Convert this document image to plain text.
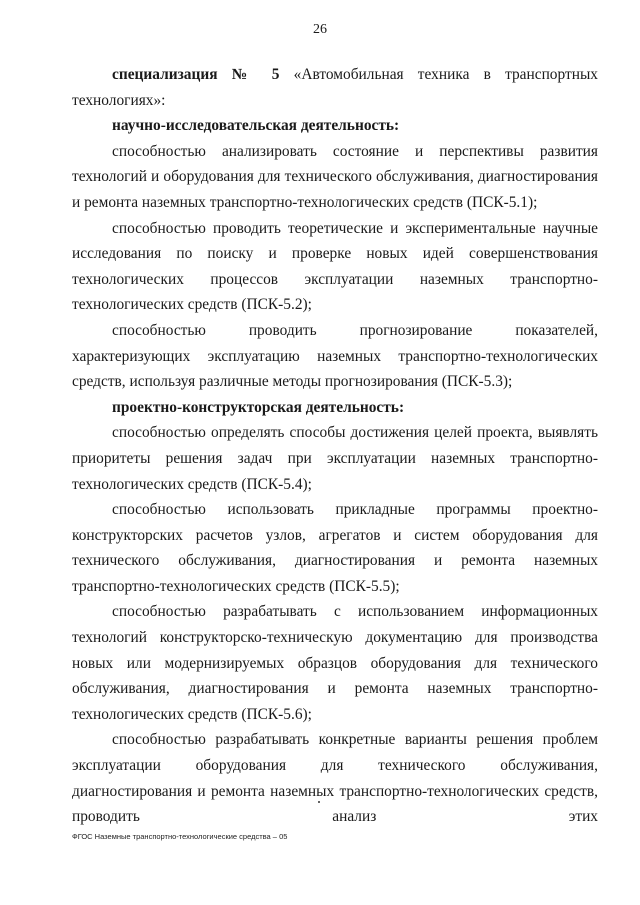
26

специализация № 5 «Автомобильная техника в транспортных технологиях»:

научно-исследовательская деятельность:

способностью анализировать состояние и перспективы развития технологий и оборудования для технического обслуживания, диагностирования и ремонта наземных транспортно-технологических средств (ПСК-5.1);

способностью проводить теоретические и экспериментальные научные исследования по поиску и проверке новых идей совершенствования технологических процессов эксплуатации наземных транспортно-технологических средств (ПСК-5.2);

способностью проводить прогнозирование показателей, характеризующих эксплуатацию наземных транспортно-технологических средств, используя различные методы прогнозирования (ПСК-5.3);

проектно-конструкторская деятельность:

способностью определять способы достижения целей проекта, выявлять приоритеты решения задач при эксплуатации наземных транспортно-технологических средств (ПСК-5.4);

способностью использовать прикладные программы проектно-конструкторских расчетов узлов, агрегатов и систем оборудования для технического обслуживания, диагностирования и ремонта наземных транспортно-технологических средств (ПСК-5.5);

способностью разрабатывать с использованием информационных технологий конструкторско-техническую документацию для производства новых или модернизируемых образцов оборудования для технического обслуживания, диагностирования и ремонта наземных транспортно-технологических средств (ПСК-5.6);

способностью разрабатывать конкретные варианты решения проблем эксплуатации оборудования для технического обслуживания, диагностирования и ремонта наземных транспортно-технологических средств, проводить анализ этих

ФГОС Наземные транспортно-технологические средства – 05
